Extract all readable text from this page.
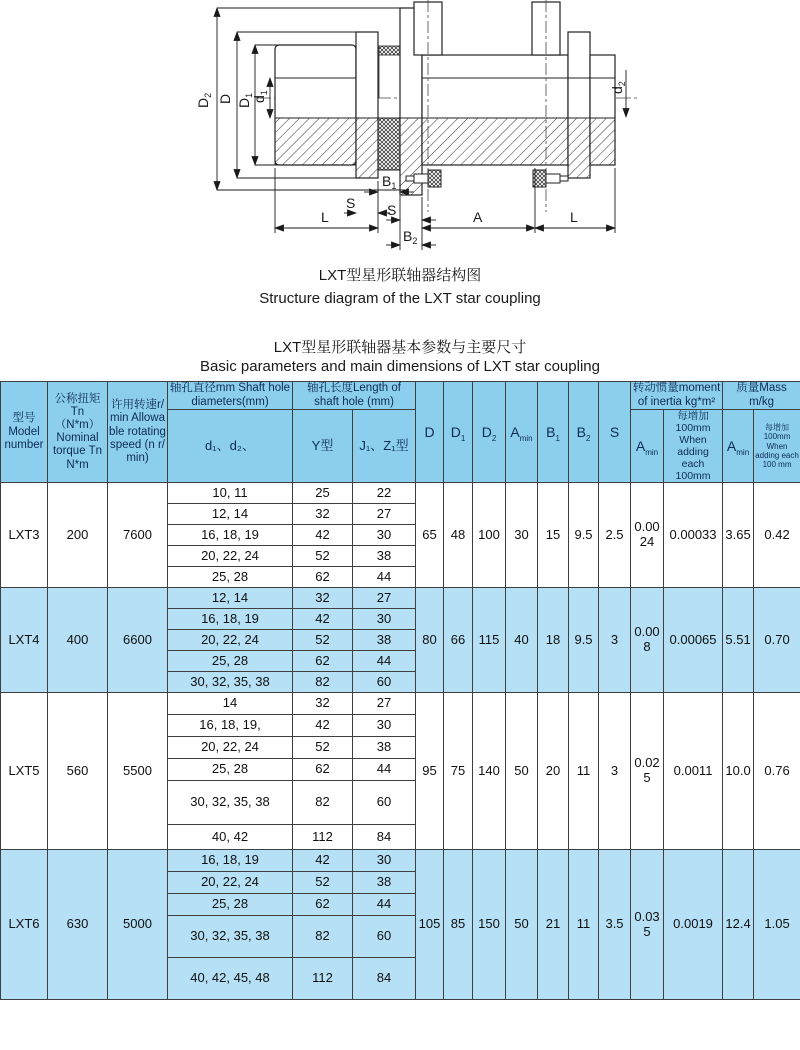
$D_2$ D $D_1$
$d_1$	$d_2$
$B_1$
S S
$B_2$
L	A	L
LXT型星形联轴器结构图
Structure diagram of the LXT star coupling
LXT型星形联轴器基本参数与主要尺寸
Basic parameters and main dimensions of LXT star coupling
型号 Model number	公称扭矩 Tn（N*m） Nominal torque Tn N*m	许用转速r/min Allowable rotating speed (n r/min)	轴孔直径mm Shaft hole diameters(mm)	轴孔长度Length of shaft hole (mm)		D	$D_1$	$D_2$	$A_{min}$	$B_1$	$B_2$	S	转动惯量moment of inertia kg*m²		质量Mass m/kg	
			d₁、d₂、	Y型	J₁、Z₁型								$A_{min}$	每增加100mm When adding each 100mm	$A_{min}$	每增加100mm When adding each 100 mm
LXT3	200	7600	10, 11	25	22	65	48	100	30	15	9.5	2.5	0.0024	0.00033	3.65	0.42
			12, 14	32	27											
			16, 18, 19	42	30											
			20, 22, 24	52	38											
			25, 28	62	44											
LXT4	400	6600	12, 14	32	27	80	66	115	40	18	9.5	3	0.008	0.00065	5.51	0.70
			16, 18, 19	42	30											
			20, 22, 24	52	38											
			25, 28	62	44											
			30, 32, 35, 38	82	60											
LXT5	560	5500	14	32	27	95	75	140	50	20	11	3	0.025	0.0011	10.0	0.76
			16, 18, 19,	42	30											
			20, 22, 24	52	38											
			25, 28	62	44											
			30, 32, 35, 38	82	60											
			40, 42	112	84											
LXT6	630	5000	16, 18, 19	42	30	105	85	150	50	21	11	3.5	0.035	0.0019	12.4	1.05
			20, 22, 24	52	38											
			25, 28	62	44											
			30, 32, 35, 38	82	60											
			40, 42, 45, 48	112	84											
